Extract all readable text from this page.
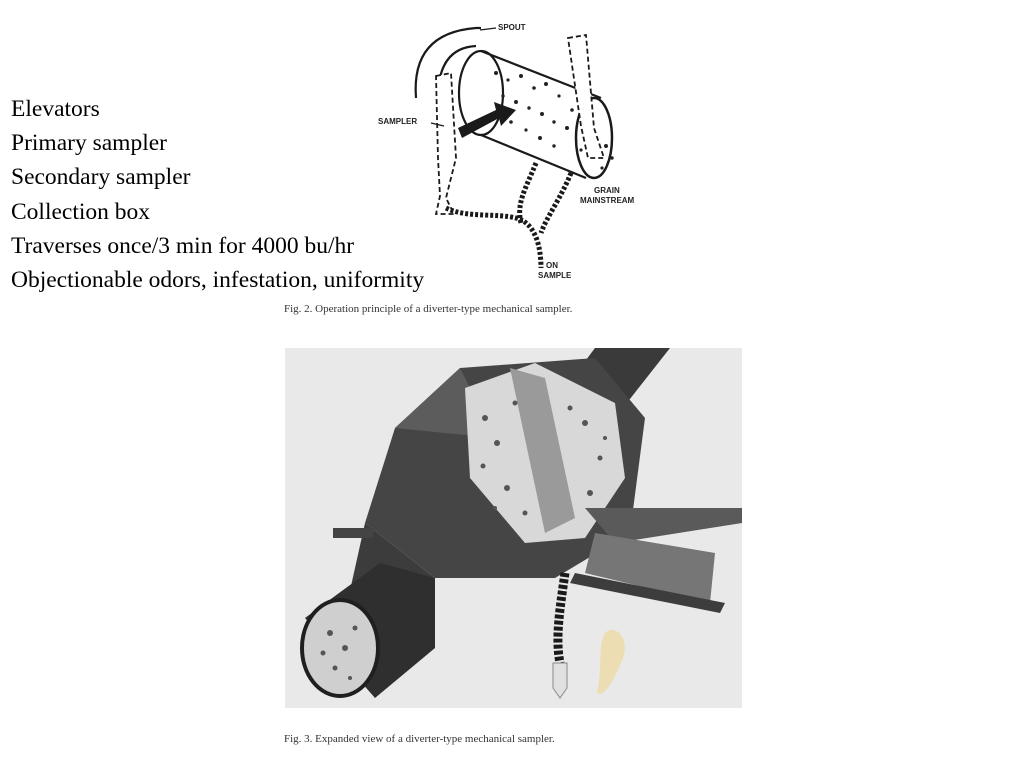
Elevators
Primary sampler
Secondary sampler
Collection box
Traverses once/3 min for 4000 bu/hr
Objectionable odors, infestation, uniformity
SPOUT
SAMPLER
GRAIN
MAINSTREAM
ON
SAMPLE
Fig. 2. Operation principle of a diverter-type mechanical sampler.
Fig. 3. Expanded view of a diverter-type mechanical sampler.
